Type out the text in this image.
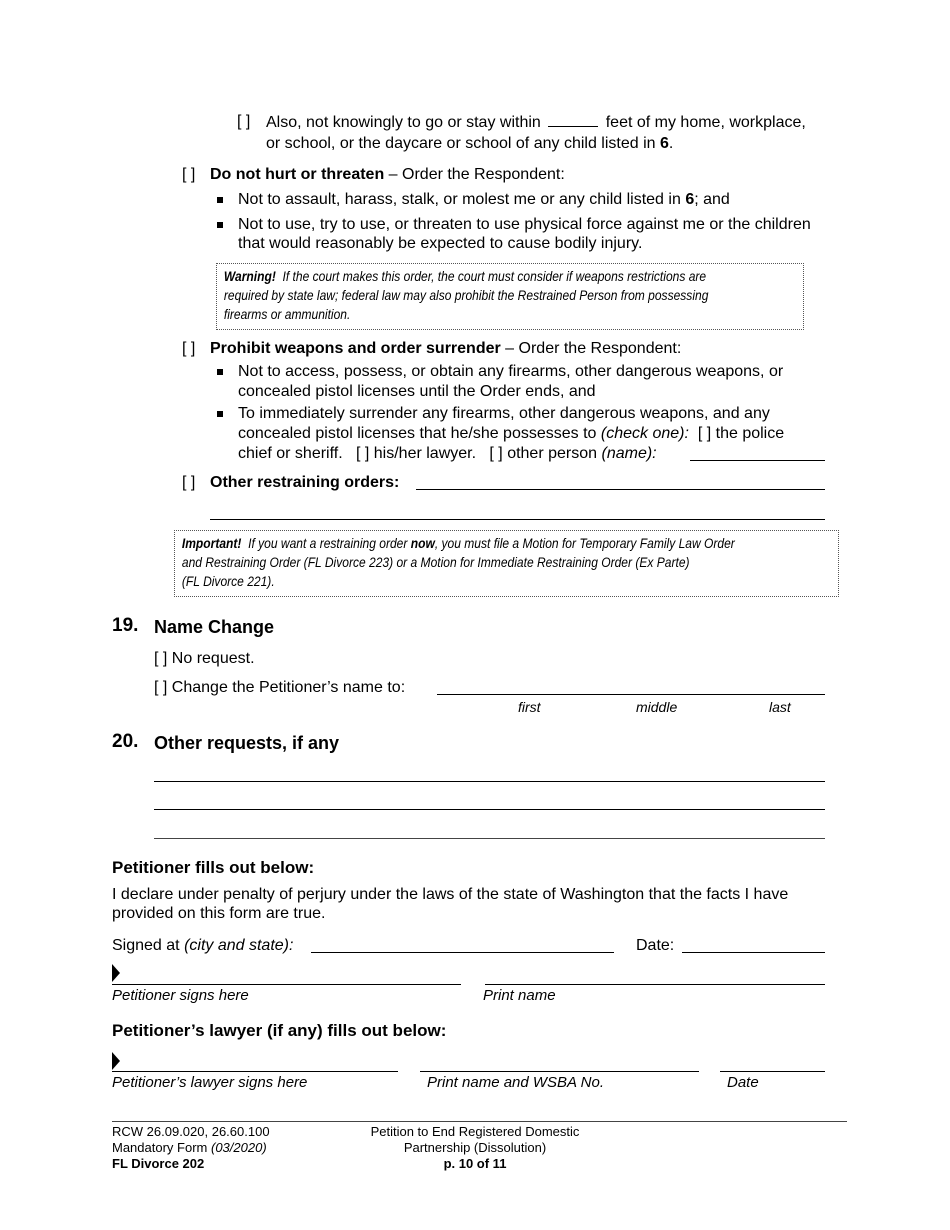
[ ] Also, not knowingly to go or stay within	feet of my home, workplace,
or school, or the daycare or school of any child listed in 6.
[ ] Do not hurt or threaten – Order the Respondent:
Not to assault, harass, stalk, or molest me or any child listed in 6; and
Not to use, try to use, or threaten to use physical force against me or the children
that would reasonably be expected to cause bodily injury.
Warning! If the court makes this order, the court must consider if weapons restrictions are
required by state law; federal law may also prohibit the Restrained Person from possessing
firearms or ammunition.
[ ] Prohibit weapons and order surrender – Order the Respondent:
Not to access, possess, or obtain any firearms, other dangerous weapons, or
concealed pistol licenses until the Order ends, and
To immediately surrender any firearms, other dangerous weapons, and any
concealed pistol licenses that he/she possesses to (check one): [ ] the police
chief or sheriff. [ ] his/her lawyer. [ ] other person (name):
[ ] Other restraining orders:
Important! If you want a restraining order now, you must file a Motion for Temporary Family Law Order
and Restraining Order (FL Divorce 223) or a Motion for Immediate Restraining Order (Ex Parte)
(FL Divorce 221).
19. Name Change
[ ] No request.
[ ] Change the Petitioner’s name to:
first	middle	last
20. Other requests, if any
Petitioner fills out below:
I declare under penalty of perjury under the laws of the state of Washington that the facts I have
provided on this form are true.
Signed at (city and state):	Date:
Petitioner signs here	Print name
Petitioner’s lawyer (if any) fills out below:
Petitioner’s lawyer signs here	Print name and WSBA No.	Date
RCW 26.09.020, 26.60.100
Mandatory Form (03/2020)
FL Divorce 202
Petition to End Registered Domestic
Partnership (Dissolution)
p. 10 of 11
